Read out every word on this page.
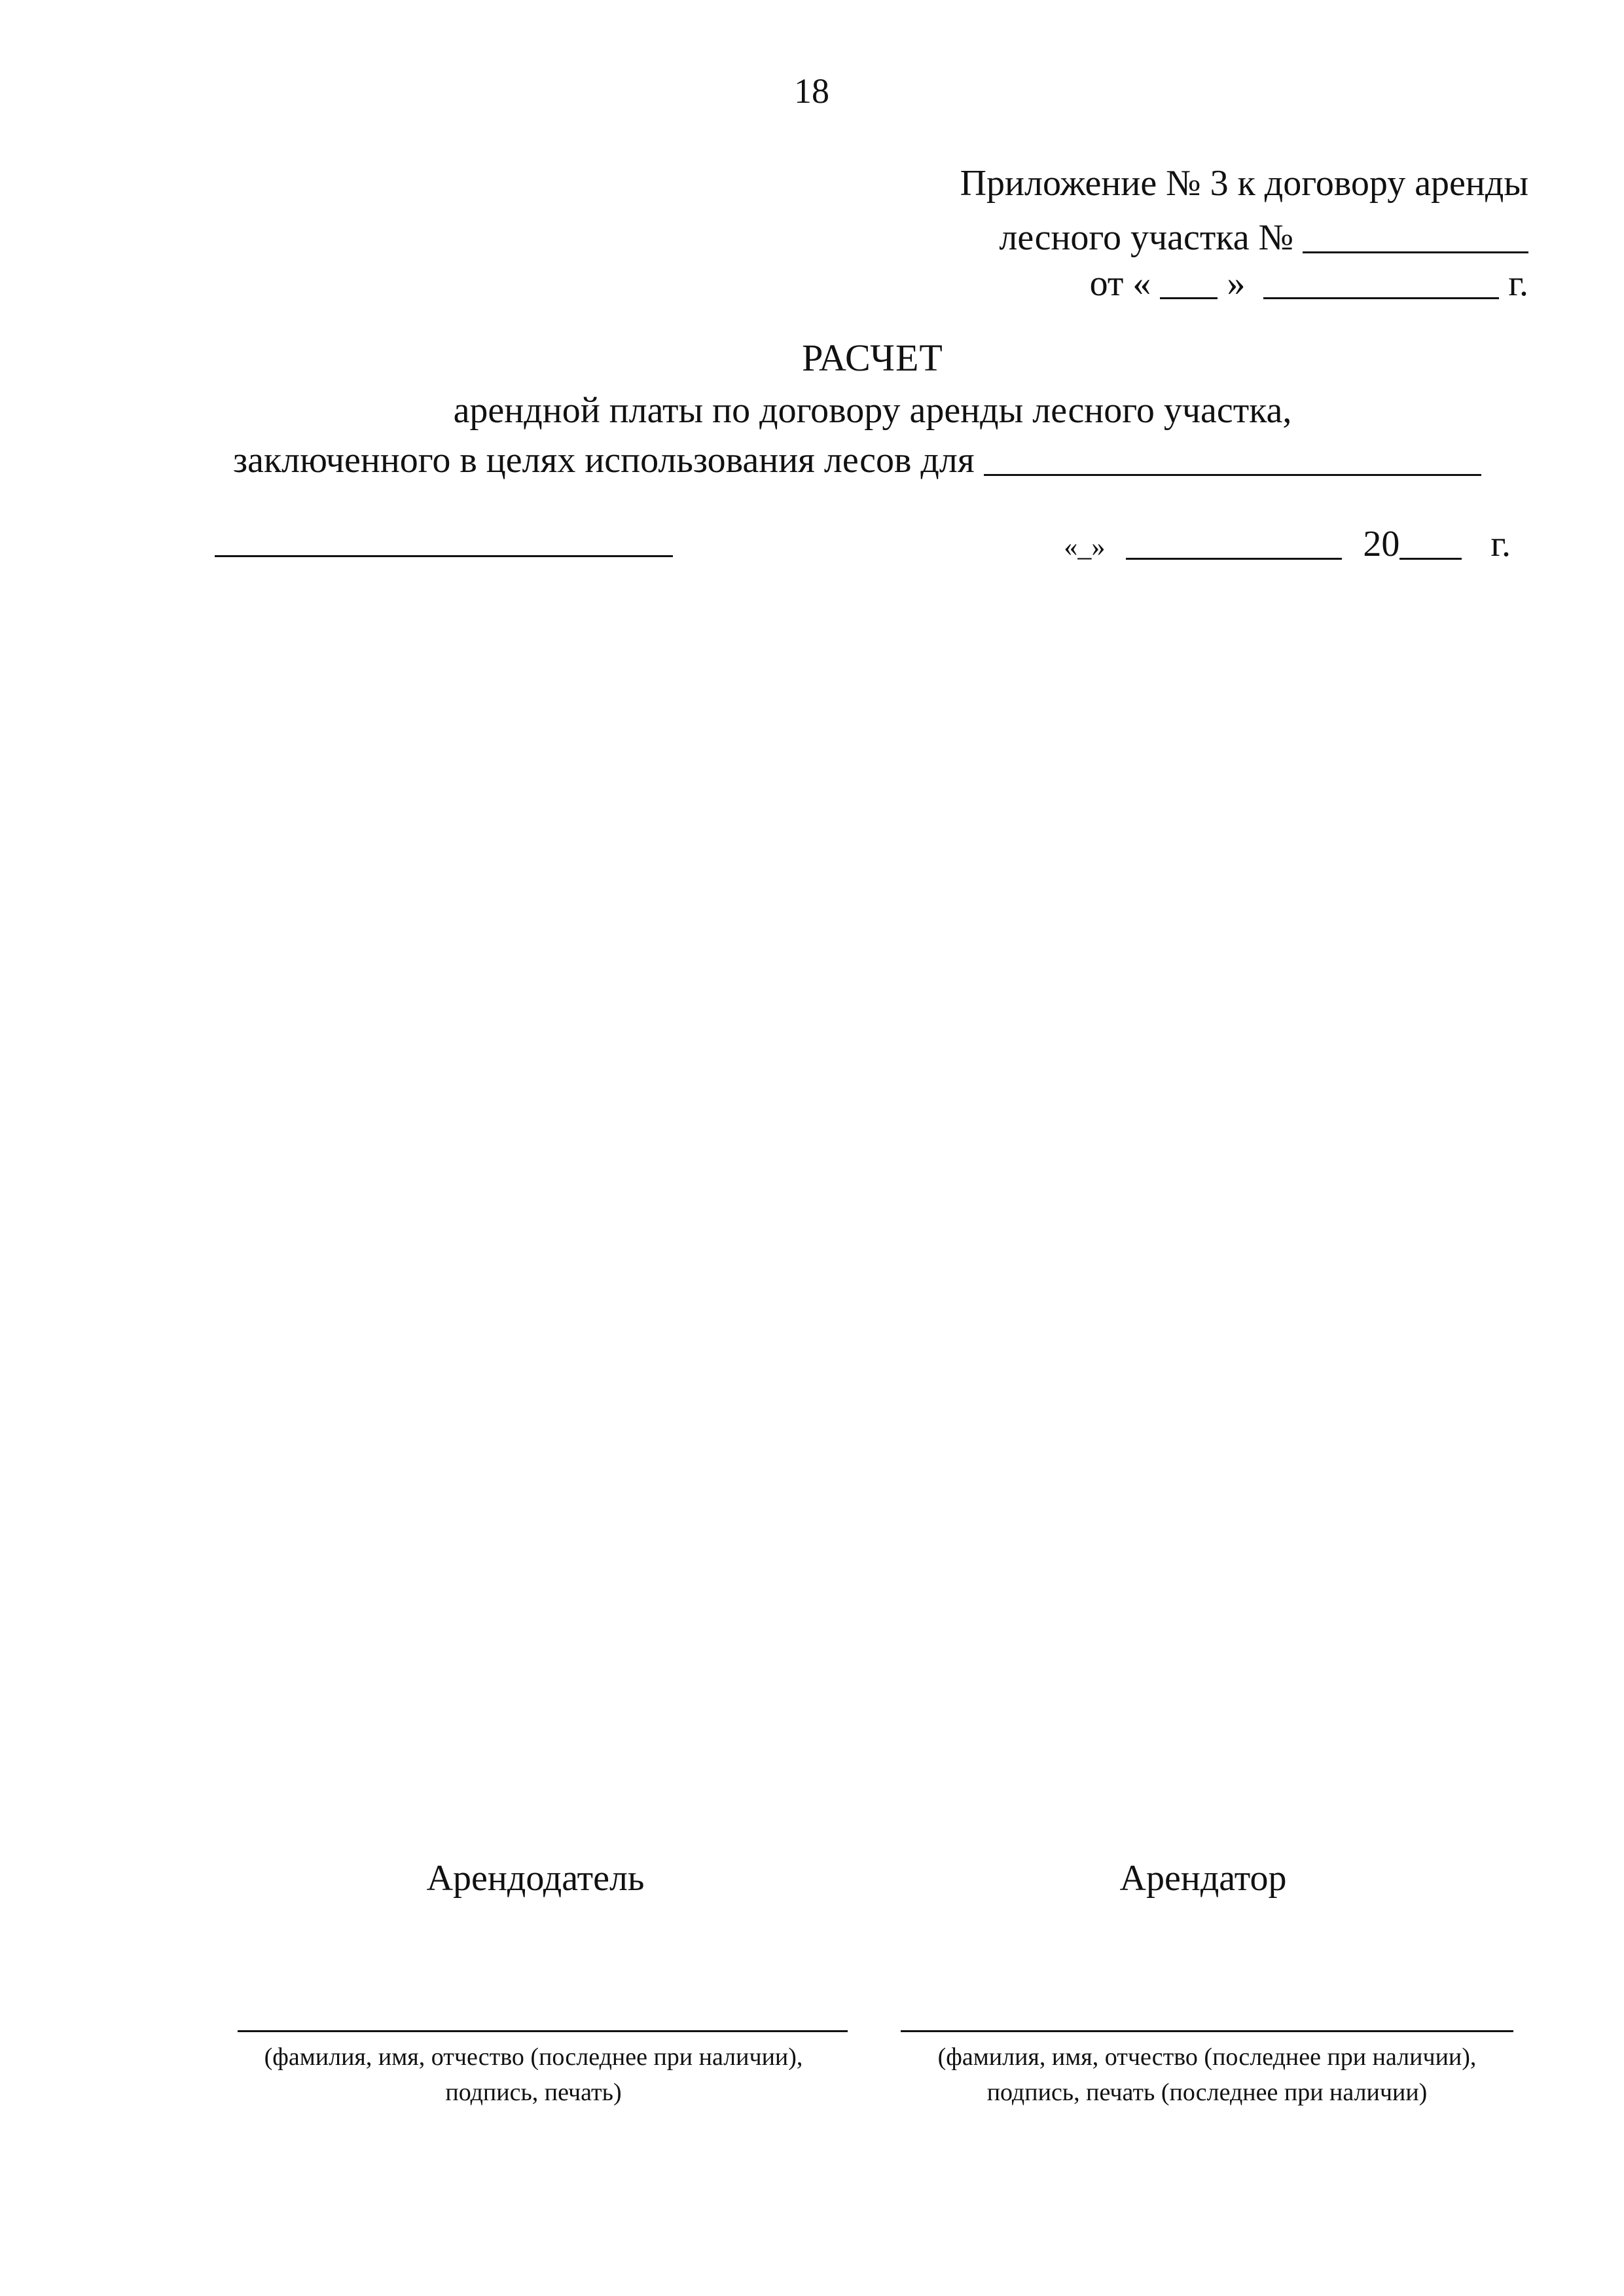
18
Приложение № 3 к договору аренды
лесного участка №
от « »	г.
РАСЧЕТ
арендной платы по договору аренды лесного участка,
заключенного в целях использования лесов для
«_»	20 г.
Арендодатель	Арендатор
(фамилия, имя, отчество (последнее при наличии),
подпись, печать)
(фамилия, имя, отчество (последнее при наличии),
подпись, печать (последнее при наличии)
